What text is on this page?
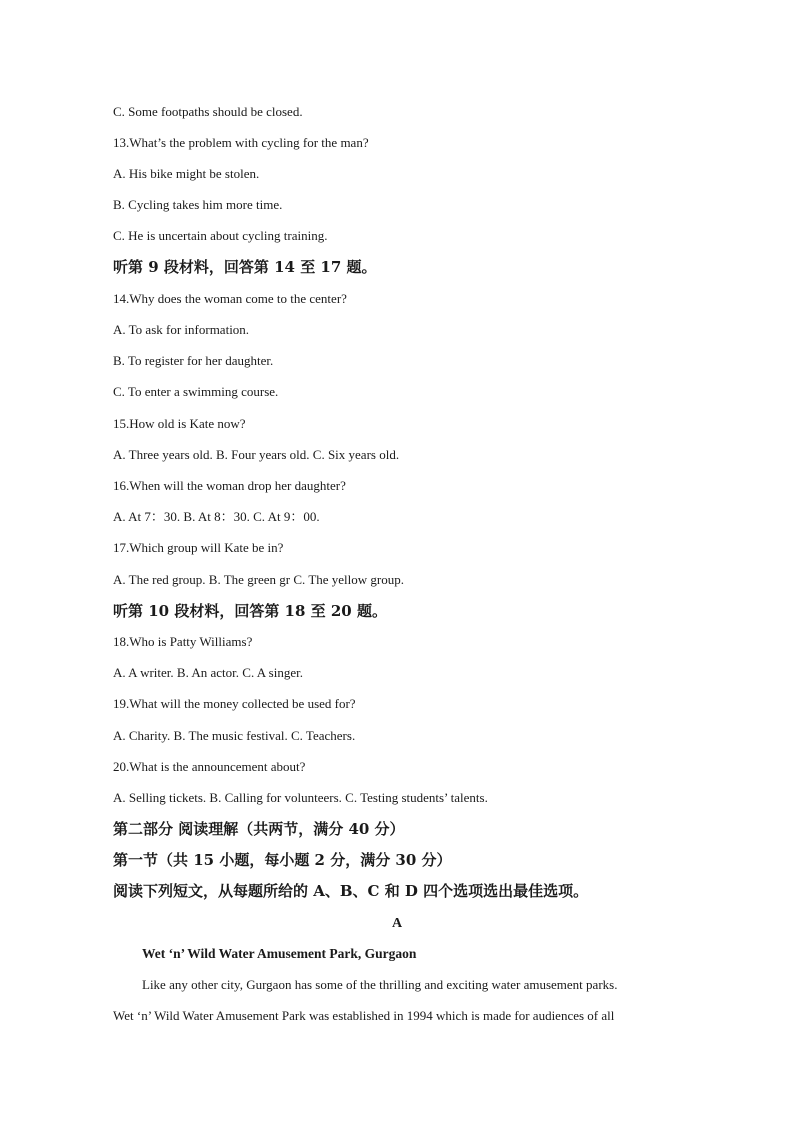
C. Some footpaths should be closed.
13.What’s the problem with cycling for the man?
A. His bike might be stolen.
B. Cycling takes him more time.
C. He is uncertain about cycling training.
听第 9 段材料，回答第 14 至 17 题。
14.Why does the woman come to the center?
A. To ask for information.
B. To register for her daughter.
C. To enter a swimming course.
15.How old is Kate now?
A. Three years old. B. Four years old. C. Six years old.
16.When will the woman drop her daughter?
A. At 7：30. B. At 8：30. C. At 9：00.
17.Which group will Kate be in?
A. The red group. B. The green gr C. The yellow group.
听第 10 段材料，回答第 18 至 20 题。
18.Who is Patty Williams?
A. A writer. B. An actor. C. A singer.
19.What will the money collected be used for?
A. Charity. B. The music festival. C. Teachers.
20.What is the announcement about?
A. Selling tickets. B. Calling for volunteers. C. Testing students’ talents.
第二部分 阅读理解（共两节，满分 40 分）
第一节（共 15 小题，每小题 2 分，满分 30 分）
阅读下列短文，从每题所给的 A、B、C 和 D 四个选项选出最佳选项。
A
Wet ‘n’ Wild Water Amusement Park, Gurgaon
Like any other city, Gurgaon has some of the thrilling and exciting water amusement parks.
Wet ‘n’ Wild Water Amusement Park was established in 1994 which is made for audiences of all
